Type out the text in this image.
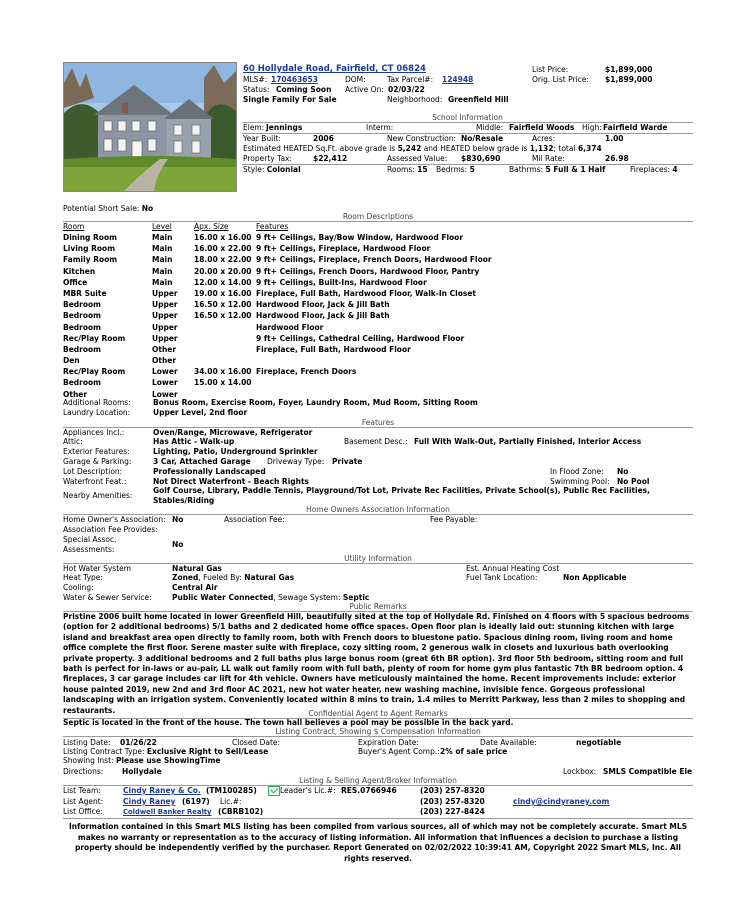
60 Hollydale Road, Fairfield, CT 06824	List Price:	$1,899,000
MLS#: 170463653	DOM:	Tax Parcel#: 124948	Orig. List Price: $1,899,000
Status: Coming Soon Active On: 02/03/22
Single Family For Sale	Neighborhood: Greenfield Hill
School Information
Elem: Jennings	Interm:	Middle: Fairfield Woods High: Fairfield Warde
Year Built:	2006	New Construction: No/Resale	Acres:	1.00
Estimated HEATED Sq.Ft. above grade is 5,242 and HEATED below grade is 1,132; total 6,374
Property Tax:	$22,412	Assessed Value: $830,690	Mil Rate:	26.98
Style: Colonial	Rooms: 15 Bedrms: 5	Bathrms: 5 Full & 1 Half	Fireplaces: 4
Potential Short Sale: No
Room Descriptions
Room	Level	Apx. Size	Features
Dining Room	Main	16.00 x 16.00 9 ft+ Ceilings, Bay/Bow Window, Hardwood Floor
Living Room	Main	16.00 x 22.00 9 ft+ Ceilings, Fireplace, Hardwood Floor
Family Room	Main	18.00 x 22.00 9 ft+ Ceilings, Fireplace, French Doors, Hardwood Floor
Kitchen	Main	20.00 x 20.00 9 ft+ Ceilings, French Doors, Hardwood Floor, Pantry
Office	Main	12.00 x 14.00 9 ft+ Ceilings, Built-Ins, Hardwood Floor
MBR Suite	Upper 19.00 x 16.00 Fireplace, Full Bath, Hardwood Floor, Walk-In Closet
Bedroom	Upper 16.50 x 12.00 Hardwood Floor, Jack & Jill Bath
Bedroom	Upper 16.50 x 12.00 Hardwood Floor, Jack & Jill Bath
Bedroom	Upper	Hardwood Floor
Rec/Play Room	Upper	9 ft+ Ceilings, Cathedral Ceiling, Hardwood Floor
Bedroom	Other	Fireplace, Full Bath, Hardwood Floor
Den	Other
Rec/Play Room	Lower 34.00 x 16.00 Fireplace, French Doors
Bedroom	Lower 15.00 x 14.00
Other	Lower
Additional Rooms:	Bonus Room, Exercise Room, Foyer, Laundry Room, Mud Room, Sitting Room
Laundry Location:	Upper Level, 2nd floor
Features
Appliances Incl.:	Oven/Range, Microwave, Refrigerator
Attic:	Has Attic - Walk-up	Basement Desc.: Full With Walk-Out, Partially Finished, Interior Access
Exterior Features:	Lighting, Patio, Underground Sprinkler
Garage & Parking:	3 Car, Attached Garage Driveway Type: Private
Lot Description:	Professionally Landscaped	In Flood Zone: No
Waterfront Feat.:	Not Direct Waterfront - Beach Rights	Swimming Pool: No Pool
Nearby Amenities:
Golf Course, Library, Paddle Tennis, Playground/Tot Lot, Private Rec Facilities, Private School(s), Public Rec Facilities,
Stables/Riding
Home Owners Association Information
Home Owner's Association: No	Association Fee:	Fee Payable:
Association Fee Provides:
Special Assoc.
Assessments:
No
Utility Information
Hot Water System	Natural Gas	Est. Annual Heating Cost
Heat Type:	Zoned, Fueled By: Natural Gas	Fuel Tank Location:	Non Applicable
Cooling:	Central Air
Water & Sewer Service:	Public Water Connected, Sewage System: Septic
Public Remarks
Pristine 2006 built home located in lower Greenfield Hill, beautifully sited at the top of Hollydale Rd. Finished on 4 floors with 5 spacious bedrooms (option for 2 additional bedrooms) 5/1 baths and 2 dedicated home office spaces. Open floor plan is ideally laid out: stunning kitchen with large island and breakfast area open directly to family room, both with French doors to bluestone patio. Spacious dining room, living room and home office complete the first floor. Serene master suite with fireplace, cozy sitting room, 2 generous walk in closets and luxurious bath overlooking private property. 3 additional bedrooms and 2 full baths plus large bonus room (great 6th BR option). 3rd floor 5th bedroom, sitting room and full bath is perfect for in-laws or au-pair, LL walk out family room with full bath, plenty of room for home gym plus fantastic 7th BR bedroom option. 4 fireplaces, 3 car garage includes car lift for 4th vehicle. Owners have meticulously maintained the home. Recent improvements include: exterior house painted 2019, new 2nd and 3rd floor AC 2021, new hot water heater, new washing machine, invisible fence. Gorgeous professional landscaping with an irrigation system. Conveniently located within 8 mins to train, 1.4 miles to Merritt Parkway, less than 2 miles to shopping and restaurants.	Confidential Agent to Agent Remarks
Septic is located in the front of the house. The town hall believes a pool may be possible in the back yard.
Listing Contract, Showing $ Compensation Information
Listing Date: 01/26/22	Closed Date:	Expiration Date:	Date Available:	negotiable
Listing Contract Type: Exclusive Right to Sell/Lease	Buyer's Agent Comp.: 2% of sale price
Showing Inst: Please use ShowingTime
Directions: Hollydale	Lockbox: SMLS Compatible Ele
Listing & Selling Agent/Broker Information
List Team:	Cindy Raney & Co. (TM100285)	Leader's Lic.#: RES.0766946	(203) 257-8320
List Agent:	Cindy Raney (6197) Lic.#:	(203) 257-8320	cindy@cindyraney.com
List Office:	Coldwell Banker Realty (CBRB102)	(203) 227-8424
Information contained in this Smart MLS listing has been compiled from various sources, all of which may not be completely accurate. Smart MLS makes no warranty or representation as to the accuracy of listing information. All information that influences a decision to purchase a listing property should be independently verified by the purchaser. Report Generated on 02/02/2022 10:39:41 AM, Copyright 2022 Smart MLS, Inc. All rights reserved.
